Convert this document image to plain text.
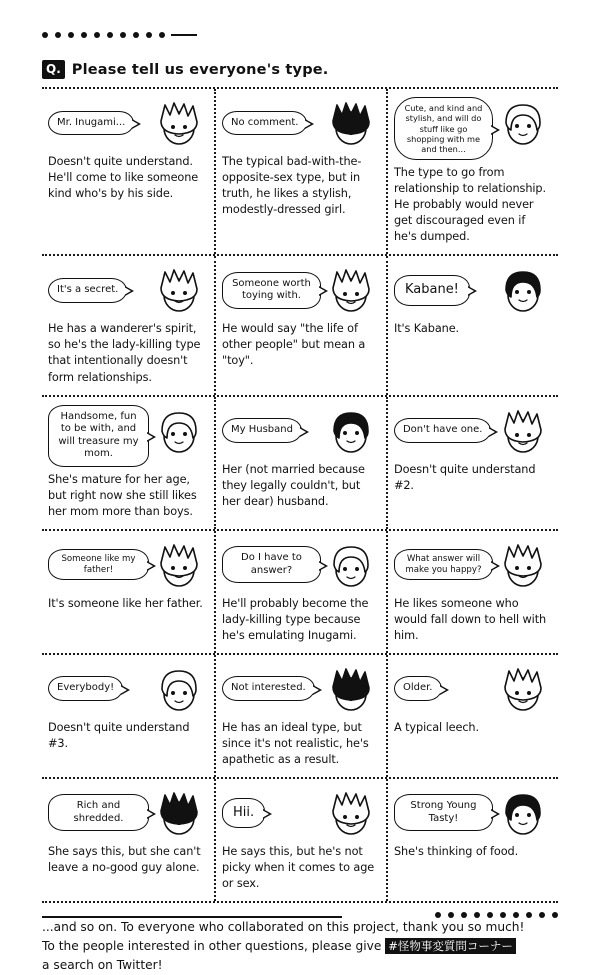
Q. Please tell us everyone's type.
Mr. Inugami...
Doesn't quite understand. He'll come to like someone kind who's by his side.
No comment.
The typical bad-with-the-opposite-sex type, but in truth, he likes a stylish, modestly-dressed girl.
Cute, and kind and stylish, and will do stuff like go shopping with me and then...
The type to go from relationship to relationship. He probably would never get discouraged even if he's dumped.
It's a secret.
He has a wanderer's spirit, so he's the lady-killing type that intentionally doesn't form relationships.
Someone worth toying with.
He would say "the life of other people" but mean a "toy".
Kabane!
It's Kabane.
Handsome, fun to be with, and will treasure my mom.
She's mature for her age, but right now she still likes her mom more than boys.
My Husband
Her (not married because they legally couldn't, but her dear) husband.
Don't have one.
Doesn't quite understand #2.
Someone like my father!
It's someone like her father.
Do I have to answer?
He'll probably become the lady-killing type because he's emulating Inugami.
What answer will make you happy?
He likes someone who would fall down to hell with him.
Everybody!
Doesn't quite understand #3.
Not interested.
He has an ideal type, but since it's not realistic, he's apathetic as a result.
Older.
A typical leech.
Rich and shredded.
She says this, but she can't leave a no-good guy alone.
Hii.
He says this, but he's not picky when it comes to age or sex.
Strong Young Tasty!
She's thinking of food.
...and so on. To everyone who collaborated on this project, thank you so much!
To the people interested in other questions, please give #怪物事変質問コーナー
a search on Twitter!
